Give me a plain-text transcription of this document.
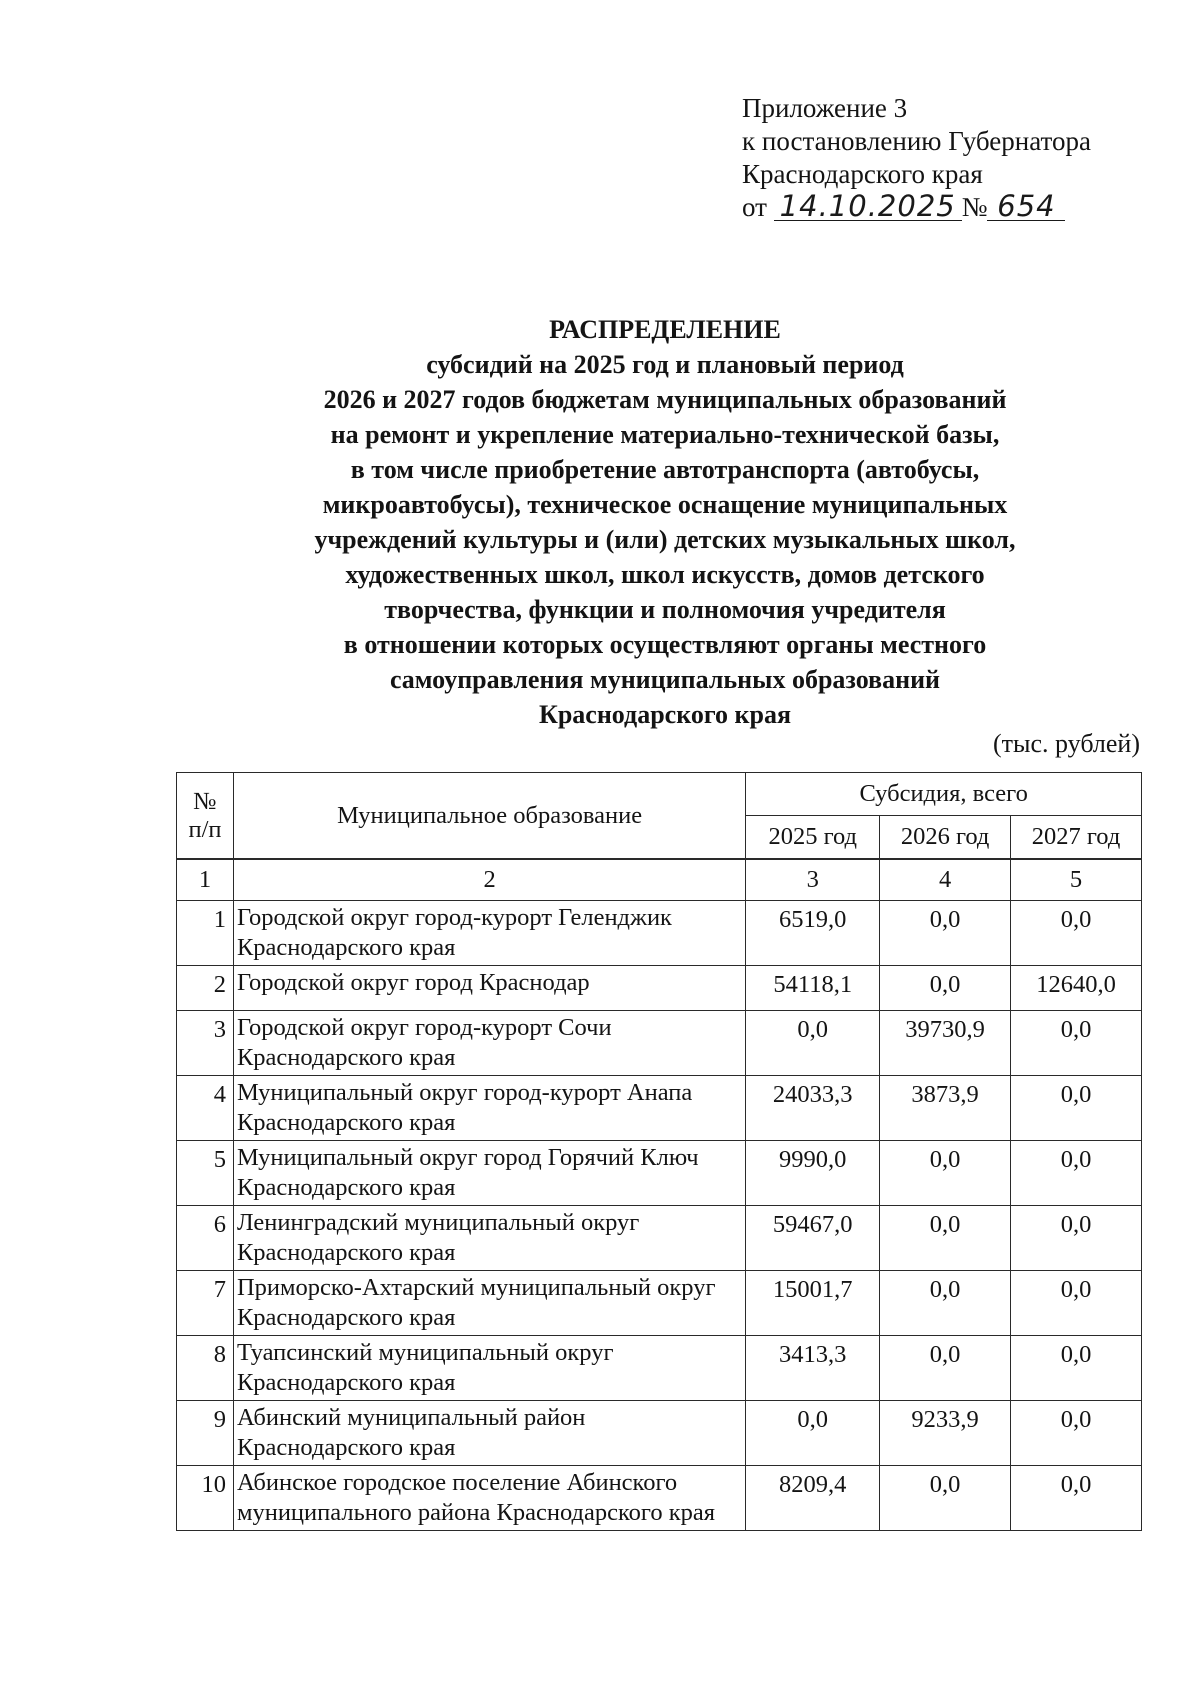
Приложение 3
к постановлению Губернатора
Краснодарского края
от 14.10.2025 № 654
РАСПРЕДЕЛЕНИЕ
субсидий на 2025 год и плановый период
2026 и 2027 годов бюджетам муниципальных образований
на ремонт и укрепление материально-технической базы,
в том числе приобретение автотранспорта (автобусы,
микроавтобусы), техническое оснащение муниципальных
учреждений культуры и (или) детских музыкальных школ,
художественных школ, школ искусств, домов детского
творчества, функции и полномочия учредителя
в отношении которых осуществляют органы местного
самоуправления муниципальных образований
Краснодарского края
(тыс. рублей)
№
п/п	Муниципальное образование	Субсидия, всего		
		2025 год	2026 год	2027 год
1	2	3	4	5
1	Городской округ город-курорт Геленджик
Краснодарского края	6519,0	0,0	0,0
2	Городской округ город Краснодар	54118,1	0,0	12640,0
3	Городской округ город-курорт Сочи
Краснодарского края	0,0	39730,9	0,0
4	Муниципальный округ город-курорт Анапа
Краснодарского края	24033,3	3873,9	0,0
5	Муниципальный округ город Горячий Ключ
Краснодарского края	9990,0	0,0	0,0
6	Ленинградский муниципальный округ
Краснодарского края	59467,0	0,0	0,0
7	Приморско-Ахтарский муниципальный округ
Краснодарского края	15001,7	0,0	0,0
8	Туапсинский муниципальный округ
Краснодарского края	3413,3	0,0	0,0
9	Абинский муниципальный район
Краснодарского края	0,0	9233,9	0,0
10	Абинское городское поселение Абинского
муниципального района Краснодарского края	8209,4	0,0	0,0
